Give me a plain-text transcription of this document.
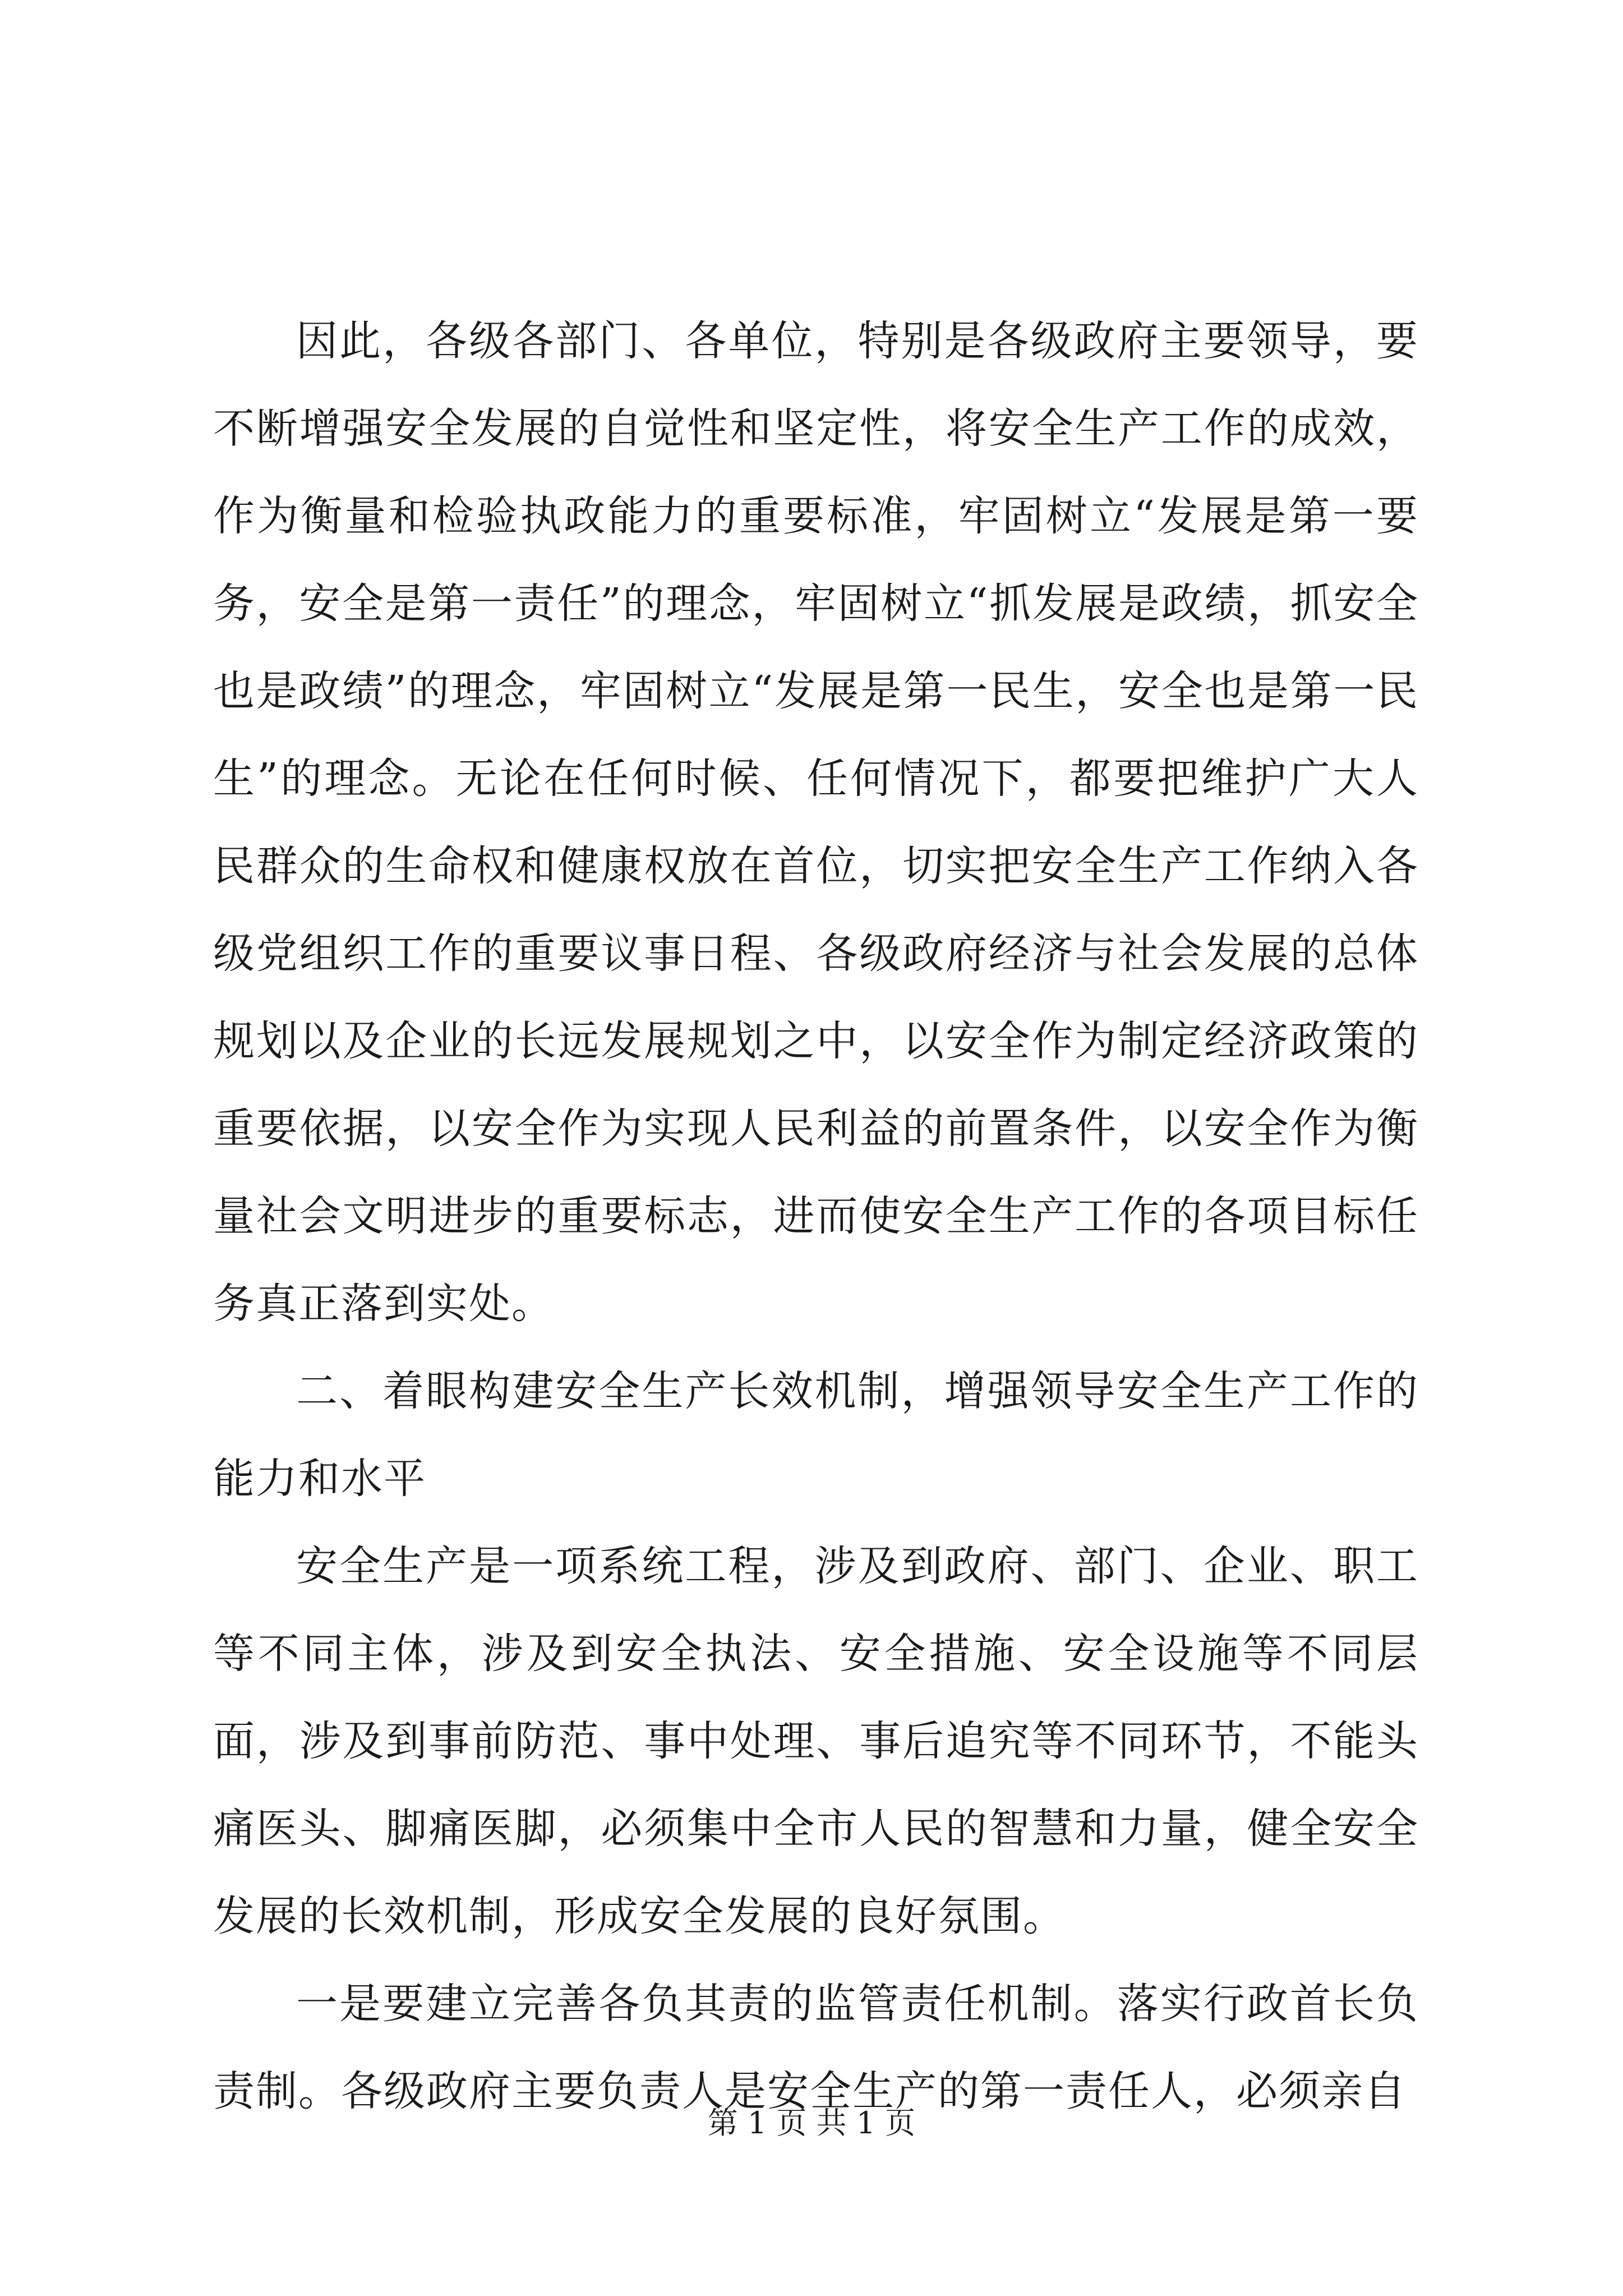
因此，各级各部门、各单位，特别是各级政府主要领导，要不断增强安全发展的自觉性和坚定性，将安全生产工作的成效，作为衡量和检验执政能力的重要标准，牢固树立“发展是第一要务，安全是第一责任”的理念，牢固树立“抓发展是政绩，抓安全也是政绩”的理念，牢固树立“发展是第一民生，安全也是第一民生”的理念。无论在任何时候、任何情况下，都要把维护广大人民群众的生命权和健康权放在首位，切实把安全生产工作纳入各级党组织工作的重要议事日程、各级政府经济与社会发展的总体规划以及企业的长远发展规划之中，以安全作为制定经济政策的重要依据，以安全作为实现人民利益的前置条件，以安全作为衡量社会文明进步的重要标志，进而使安全生产工作的各项目标任务真正落到实处。

二、着眼构建安全生产长效机制，增强领导安全生产工作的能力和水平

安全生产是一项系统工程，涉及到政府、部门、企业、职工等不同主体，涉及到安全执法、安全措施、安全设施等不同层面，涉及到事前防范、事中处理、事后追究等不同环节，不能头痛医头、脚痛医脚，必须集中全市人民的智慧和力量，健全安全发展的长效机制，形成安全发展的良好氛围。

一是要建立完善各负其责的监管责任机制。落实行政首长负责制。各级政府主要负责人是安全生产的第一责任人，必须亲自

第 1 页 共 1 页
